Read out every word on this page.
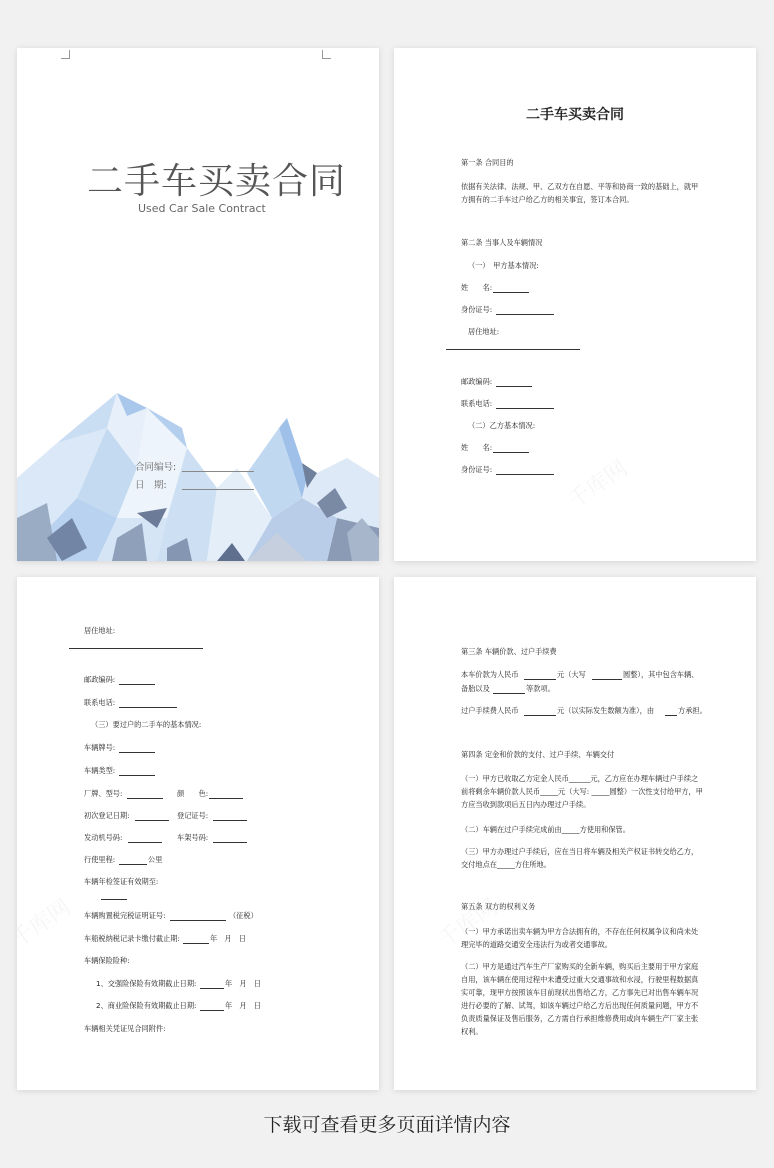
二手车买卖合同
Used Car Sale Contract
合同编号:
日　期:
二手车买卖合同
第一条 合同目的
依据有关法律、法规、甲、乙双方在自愿、平等和协商一致的基础上，就甲方拥有的二手车过户给乙方的相关事宜，签订本合同。
第二条 当事人及车辆情况
（一）　甲方基本情况:
姓　　名:
身份证号:
居住地址:
邮政编码:
联系电话:
（二）乙方基本情况:
姓　　名:
身份证号:
居住地址:
邮政编码:
联系电话:
（三）要过户的二手车的基本情况:
车辆牌号:
车辆类型:
厂牌、型号:	颜　　色:
初次登记日期:	登记证号:
发动机号码:	车架号码:
行使里程:	公里
车辆年检签证有效期至:
车辆购置税完税证明证号:	（征税）
车船税纳税记录卡缴付截止期:	年　月　日
车辆保险险种:
1、交强险保险有效期截止日期:	年　月　日
2、商业险保险有效期截止日期:	年　月　日
车辆相关凭证见合同附件:
第三条 车辆价款、过户手续费
本车价款为人民币	元（大写	圆整），其中包含车辆、
备胎以及	等款项。
过户手续费人民币	元（以实际发生数额为准），由	方承担。
第四条 定金和价款的支付、过户手续、车辆交付
（一）甲方已收取乙方定金人民币______元，乙方应在办理车辆过户手续之前将剩余车辆价款人民币_____元（大写: _____圆整）一次性支付给甲方，甲方应当收到款项后五日内办理过户手续。
（二）车辆在过户手续完成前由_____方使用和保管。
（三）甲方办理过户手续后，应在当日将车辆及相关产权证书转交给乙方，交付地点在_____方住所地。
第五条 双方的权利义务
（一）甲方承诺出卖车辆为甲方合法拥有的，不存在任何权属争议和尚未处理完毕的道路交通安全违法行为或者交通事故。
（二）甲方是通过汽车生产厂家购买的全新车辆，购买后主要用于甲方家庭自用，该车辆在使用过程中未遭受过重大交通事故和水浸，行驶里程数据真实可靠，现甲方按照该车目前现状出售给乙方，乙方事先已对出售车辆车况进行必要的了解、试驾，如该车辆过户给乙方后出现任何质量问题，甲方不负责质量保证及售后服务，乙方需自行承担维修费用或向车辆生产厂家主张权利。
下载可查看更多页面详情内容
